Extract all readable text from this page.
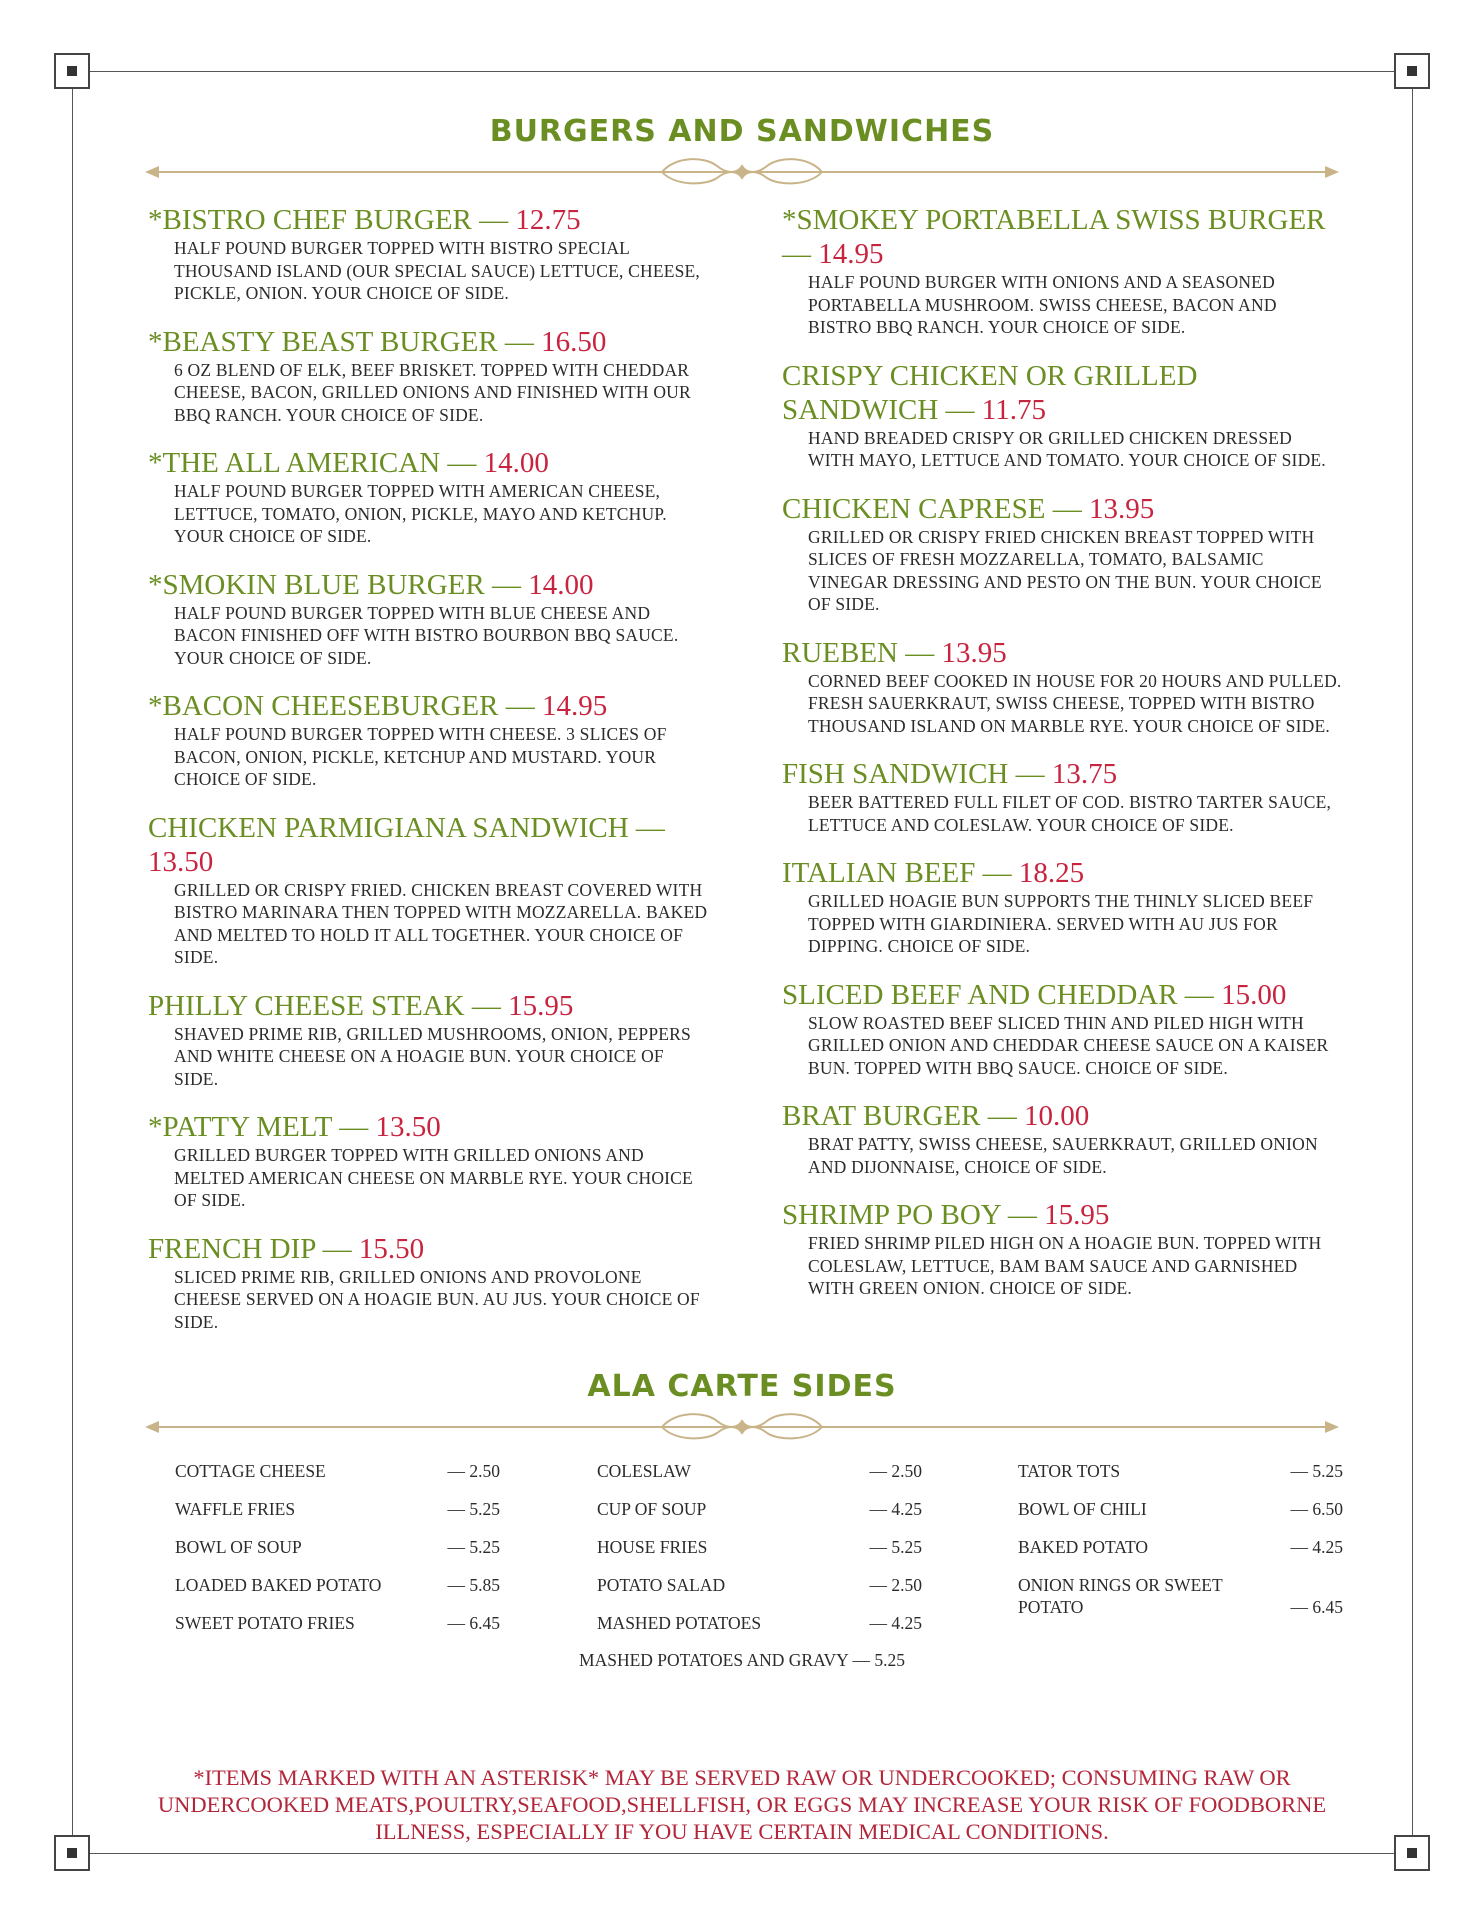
BURGERS AND SANDWICHES
*BISTRO CHEF BURGER — 12.75
HALF POUND BURGER TOPPED WITH BISTRO SPECIAL THOUSAND ISLAND (OUR SPECIAL SAUCE) LETTUCE, CHEESE, PICKLE, ONION. YOUR CHOICE OF SIDE.
*BEASTY BEAST BURGER — 16.50
6 OZ BLEND OF ELK, BEEF BRISKET. TOPPED WITH CHEDDAR CHEESE, BACON, GRILLED ONIONS AND FINISHED WITH OUR BBQ RANCH. YOUR CHOICE OF SIDE.
*THE ALL AMERICAN — 14.00
HALF POUND BURGER TOPPED WITH AMERICAN CHEESE, LETTUCE, TOMATO, ONION, PICKLE, MAYO AND KETCHUP. YOUR CHOICE OF SIDE.
*SMOKIN BLUE BURGER — 14.00
HALF POUND BURGER TOPPED WITH BLUE CHEESE AND BACON FINISHED OFF WITH BISTRO BOURBON BBQ SAUCE. YOUR CHOICE OF SIDE.
*BACON CHEESEBURGER — 14.95
HALF POUND BURGER TOPPED WITH CHEESE. 3 SLICES OF BACON, ONION, PICKLE, KETCHUP AND MUSTARD. YOUR CHOICE OF SIDE.
CHICKEN PARMIGIANA SANDWICH — 13.50
GRILLED OR CRISPY FRIED. CHICKEN BREAST COVERED WITH BISTRO MARINARA THEN TOPPED WITH MOZZARELLA. BAKED AND MELTED TO HOLD IT ALL TOGETHER. YOUR CHOICE OF SIDE.
PHILLY CHEESE STEAK — 15.95
SHAVED PRIME RIB, GRILLED MUSHROOMS, ONION, PEPPERS AND WHITE CHEESE ON A HOAGIE BUN. YOUR CHOICE OF SIDE.
*PATTY MELT — 13.50
GRILLED BURGER TOPPED WITH GRILLED ONIONS AND MELTED AMERICAN CHEESE ON MARBLE RYE. YOUR CHOICE OF SIDE.
FRENCH DIP — 15.50
SLICED PRIME RIB, GRILLED ONIONS AND PROVOLONE CHEESE SERVED ON A HOAGIE BUN. AU JUS. YOUR CHOICE OF SIDE.
*SMOKEY PORTABELLA SWISS BURGER — 14.95
HALF POUND BURGER WITH ONIONS AND A SEASONED PORTABELLA MUSHROOM. SWISS CHEESE, BACON AND BISTRO BBQ RANCH. YOUR CHOICE OF SIDE.
CRISPY CHICKEN OR GRILLED SANDWICH — 11.75
HAND BREADED CRISPY OR GRILLED CHICKEN DRESSED WITH MAYO, LETTUCE AND TOMATO. YOUR CHOICE OF SIDE.
CHICKEN CAPRESE — 13.95
GRILLED OR CRISPY FRIED CHICKEN BREAST TOPPED WITH SLICES OF FRESH MOZZARELLA, TOMATO, BALSAMIC VINEGAR DRESSING AND PESTO ON THE BUN. YOUR CHOICE OF SIDE.
RUEBEN — 13.95
CORNED BEEF COOKED IN HOUSE FOR 20 HOURS AND PULLED. FRESH SAUERKRAUT, SWISS CHEESE, TOPPED WITH BISTRO THOUSAND ISLAND ON MARBLE RYE. YOUR CHOICE OF SIDE.
FISH SANDWICH — 13.75
BEER BATTERED FULL FILET OF COD. BISTRO TARTER SAUCE, LETTUCE AND COLESLAW. YOUR CHOICE OF SIDE.
ITALIAN BEEF — 18.25
GRILLED HOAGIE BUN SUPPORTS THE THINLY SLICED BEEF TOPPED WITH GIARDINIERA. SERVED WITH AU JUS FOR DIPPING. CHOICE OF SIDE.
SLICED BEEF AND CHEDDAR — 15.00
SLOW ROASTED BEEF SLICED THIN AND PILED HIGH WITH GRILLED ONION AND CHEDDAR CHEESE SAUCE ON A KAISER BUN. TOPPED WITH BBQ SAUCE. CHOICE OF SIDE.
BRAT BURGER — 10.00
BRAT PATTY, SWISS CHEESE, SAUERKRAUT, GRILLED ONION AND DIJONNAISE, CHOICE OF SIDE.
SHRIMP PO BOY — 15.95
FRIED SHRIMP PILED HIGH ON A HOAGIE BUN. TOPPED WITH COLESLAW, LETTUCE, BAM BAM SAUCE AND GARNISHED WITH GREEN ONION. CHOICE OF SIDE.
ALA CARTE SIDES
COTTAGE CHEESE	— 2.50
WAFFLE FRIES	— 5.25
BOWL OF SOUP	— 5.25
LOADED BAKED POTATO	— 5.85
SWEET POTATO FRIES	— 6.45
COLESLAW	— 2.50
CUP OF SOUP	— 4.25
HOUSE FRIES	— 5.25
POTATO SALAD	— 2.50
MASHED POTATOES	— 4.25
TATOR TOTS	— 5.25
BOWL OF CHILI	— 6.50
BAKED POTATO	— 4.25
ONION RINGS OR SWEET POTATO	— 6.45
MASHED POTATOES AND GRAVY — 5.25
*ITEMS MARKED WITH AN ASTERISK* MAY BE SERVED RAW OR UNDERCOOKED; CONSUMING RAW OR UNDERCOOKED MEATS,POULTRY,SEAFOOD,SHELLFISH, OR EGGS MAY INCREASE YOUR RISK OF FOODBORNE ILLNESS, ESPECIALLY IF YOU HAVE CERTAIN MEDICAL CONDITIONS.
